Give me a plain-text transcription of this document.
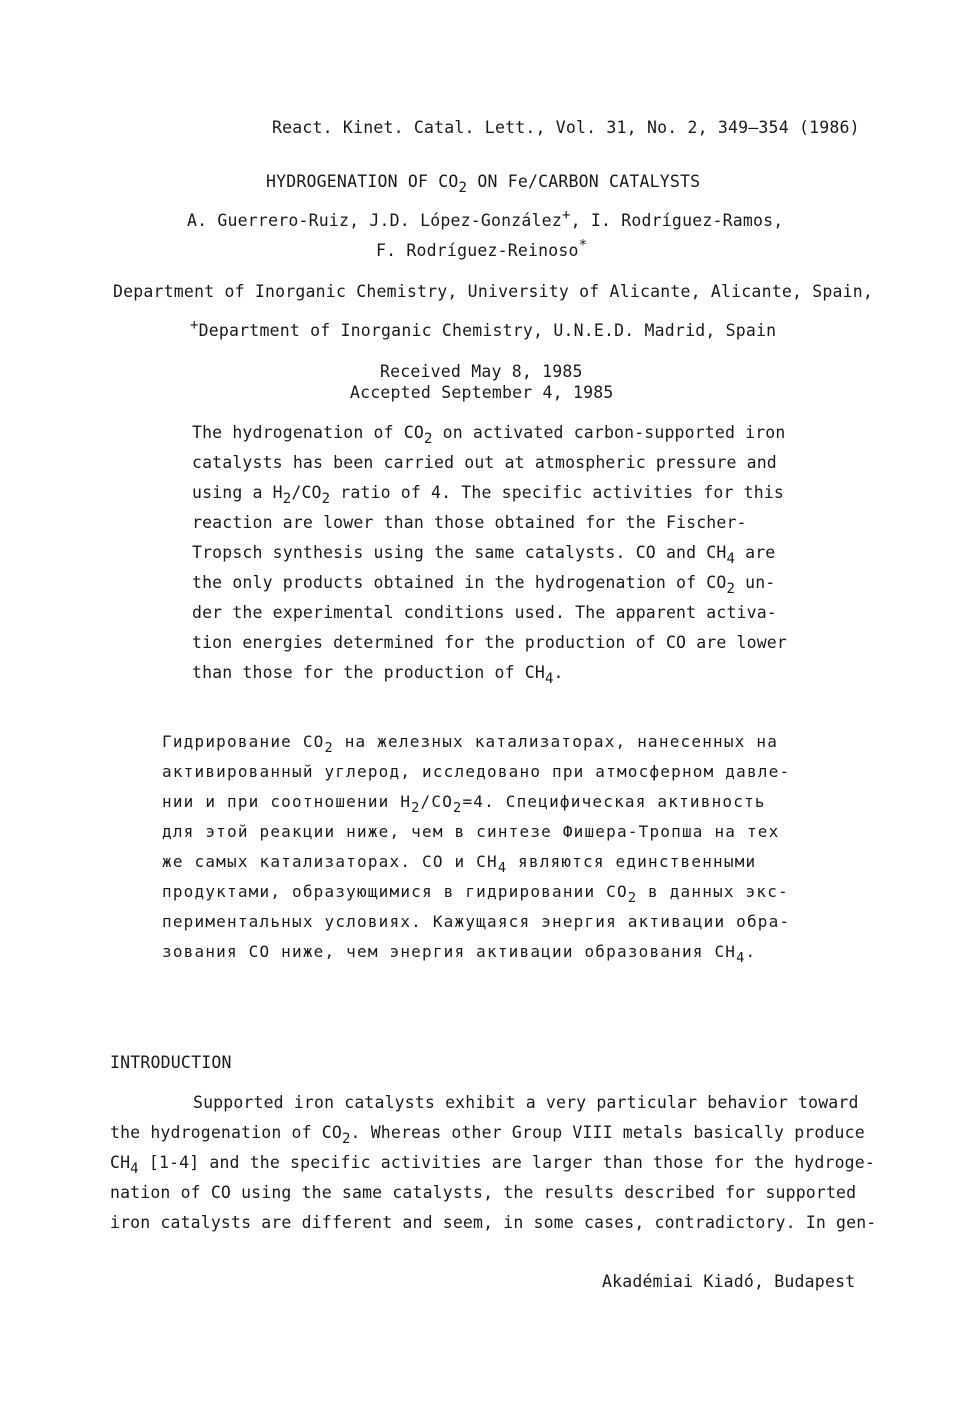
React. Kinet. Catal. Lett., Vol. 31, No. 2, 349–354 (1986)
HYDROGENATION OF $CO_2$ ON Fe/CARBON CATALYSTS
A. Guerrero-Ruiz, J.D. López-González+, I. Rodríguez-Ramos,
F. Rodríguez-Reinoso*
Department of Inorganic Chemistry, University of Alicante, Alicante, Spain,
+Department of Inorganic Chemistry, U.N.E.D. Madrid, Spain
Received May 8, 1985
Accepted September 4, 1985
The hydrogenation of $CO_2$ on activated carbon-supported iron
catalysts has been carried out at atmospheric pressure and
using a $H_2/CO_2$ ratio of 4. The specific activities for this
reaction are lower than those obtained for the Fischer-
Tropsch synthesis using the same catalysts. CO and $CH_4$ are
the only products obtained in the hydrogenation of $CO_2$ un-
der the experimental conditions used. The apparent activa-
tion energies determined for the production of CO are lower
than those for the production of $CH_4$.
Гидрирование $CO_2$ на железных катализаторах, нанесенных на
активированный углерод, исследовано при атмосферном давле-
нии и при соотношении $H_2/CO_2=4$. Специфическая активность
для этой реакции ниже, чем в синтезе Фишера-Тропша на тех
же самых катализаторах. CO и $CH_4$ являются единственными
продуктами, образующимися в гидрировании $CO_2$ в данных экс-
периментальных условиях. Кажущаяся энергия активации обра-
зования CO ниже, чем энергия активации образования $CH_4$.
INTRODUCTION
Supported iron catalysts exhibit a very particular behavior toward
the hydrogenation of $CO_2$. Whereas other Group VIII metals basically produce
$CH_4$ [1-4] and the specific activities are larger than those for the hydroge-
nation of CO using the same catalysts, the results described for supported
iron catalysts are different and seem, in some cases, contradictory. In gen-
Akadémiai Kiadó, Budapest
